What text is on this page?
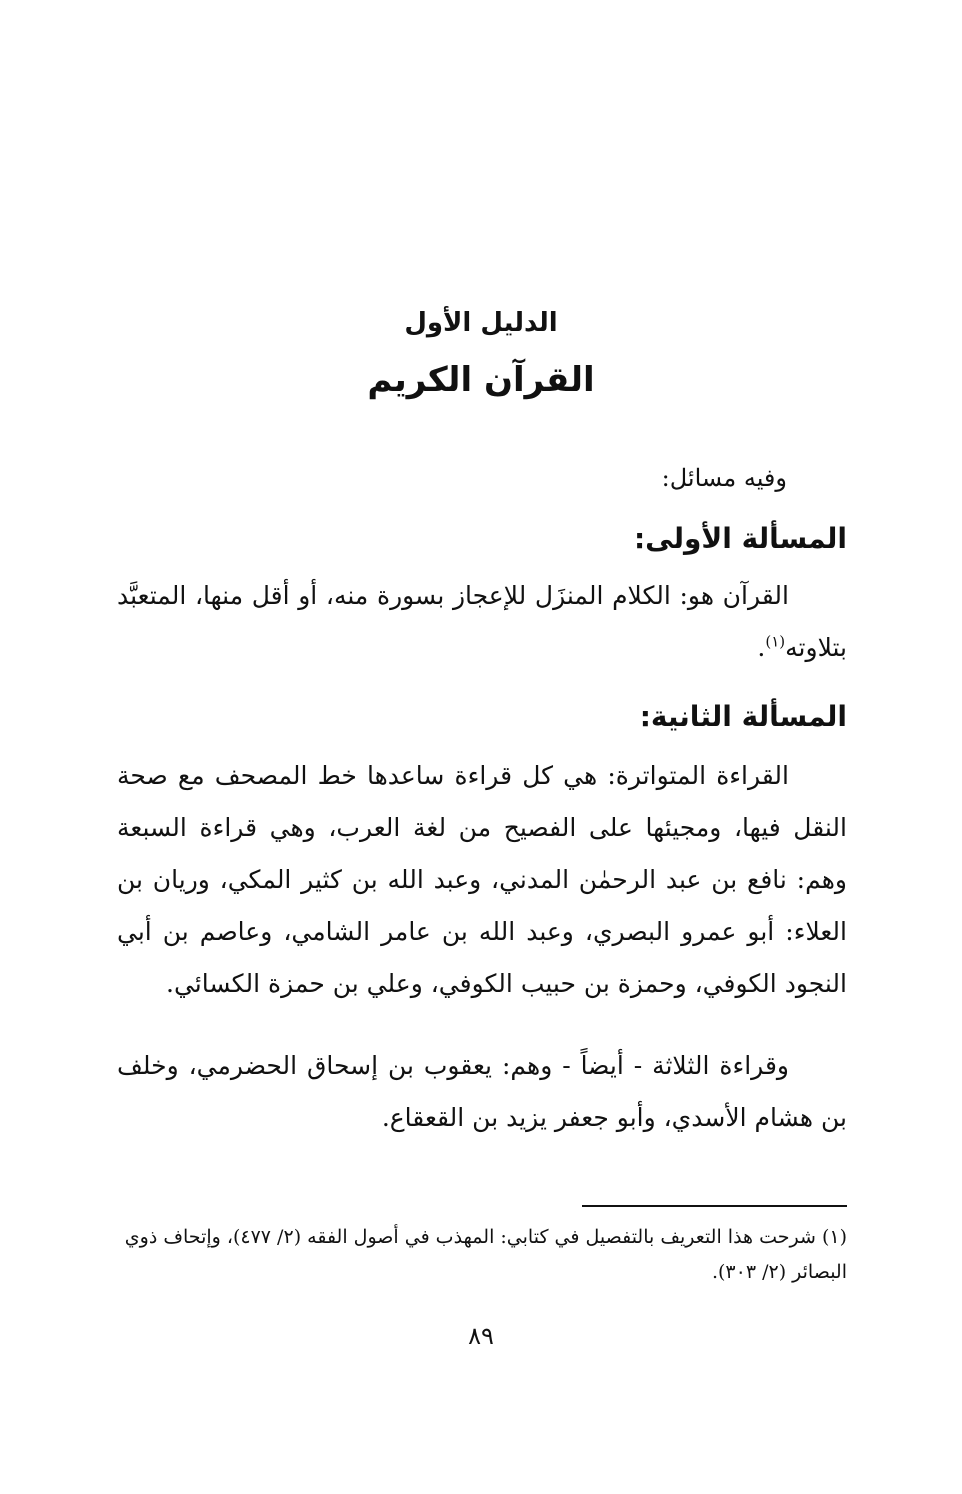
الدليل الأول
القرآن الكريم
وفيه مسائل:
المسألة الأولى:
القرآن هو: الكلام المنزَل للإعجاز بسورة منه، أو أقل منها، المتعبَّد بتلاوته$^{(١)}$.
المسألة الثانية:
القراءة المتواترة: هي كل قراءة ساعدها خط المصحف مع صحة النقل فيها، ومجيئها على الفصيح من لغة العرب، وهي قراءة السبعة وهم: نافع بن عبد الرحمٰن المدني، وعبد الله بن كثير المكي، وريان بن العلاء: أبو عمرو البصري، وعبد الله بن عامر الشامي، وعاصم بن أبي النجود الكوفي، وحمزة بن حبيب الكوفي، وعلي بن حمزة الكسائي.
وقراءة الثلاثة - أيضاً - وهم: يعقوب بن إسحاق الحضرمي، وخلف بن هشام الأسدي، وأبو جعفر يزيد بن القعقاع.
(١) شرحت هذا التعريف بالتفصيل في كتابي: المهذب في أصول الفقه (٢/ ٤٧٧)، وإتحاف ذوي البصائر (٢/ ٣٠٣).
٨٩
